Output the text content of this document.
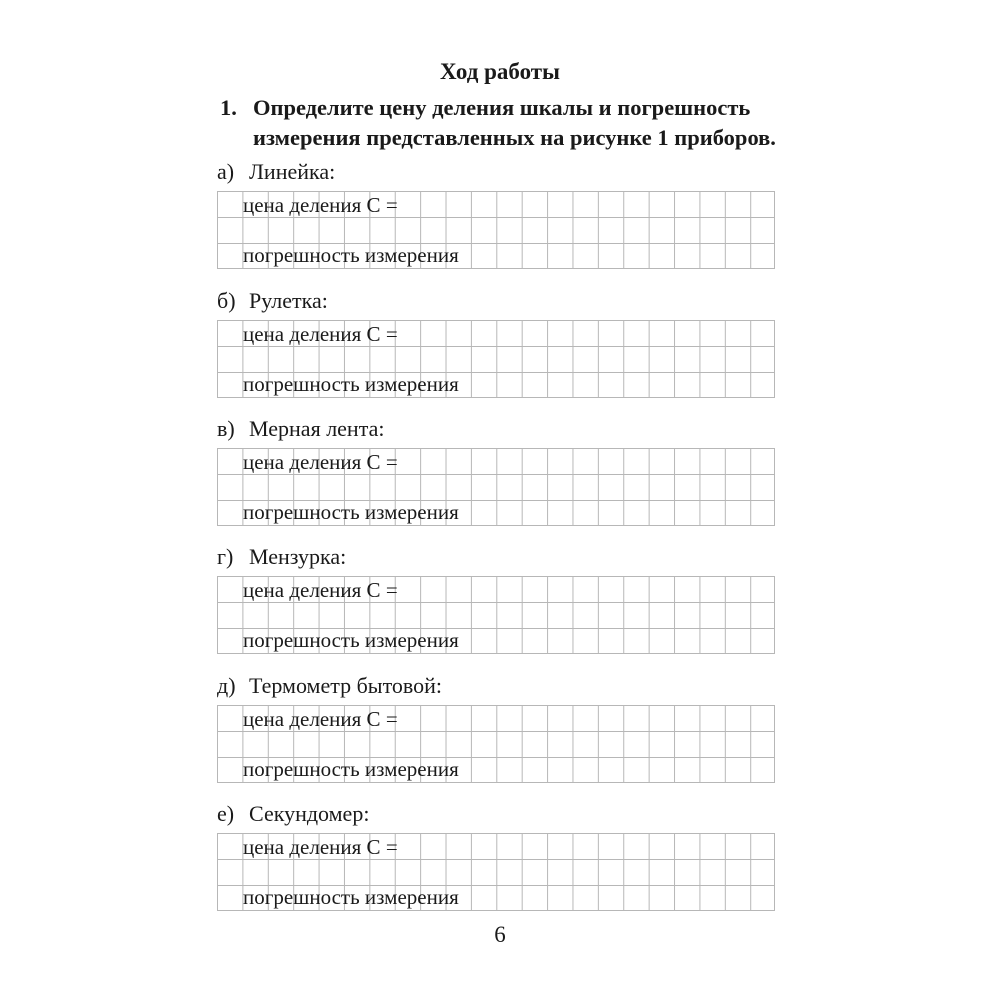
Ход работы
1. Определите цену деления шкалы и погрешность измерения представленных на рисунке 1 приборов.
а) Линейка:
цена деления C =
погрешность измерения
б) Рулетка:
цена деления C =
погрешность измерения
в) Мерная лента:
цена деления C =
погрешность измерения
г) Мензурка:
цена деления C =
погрешность измерения
д) Термометр бытовой:
цена деления C =
погрешность измерения
е) Секундомер:
цена деления C =
погрешность измерения
6
